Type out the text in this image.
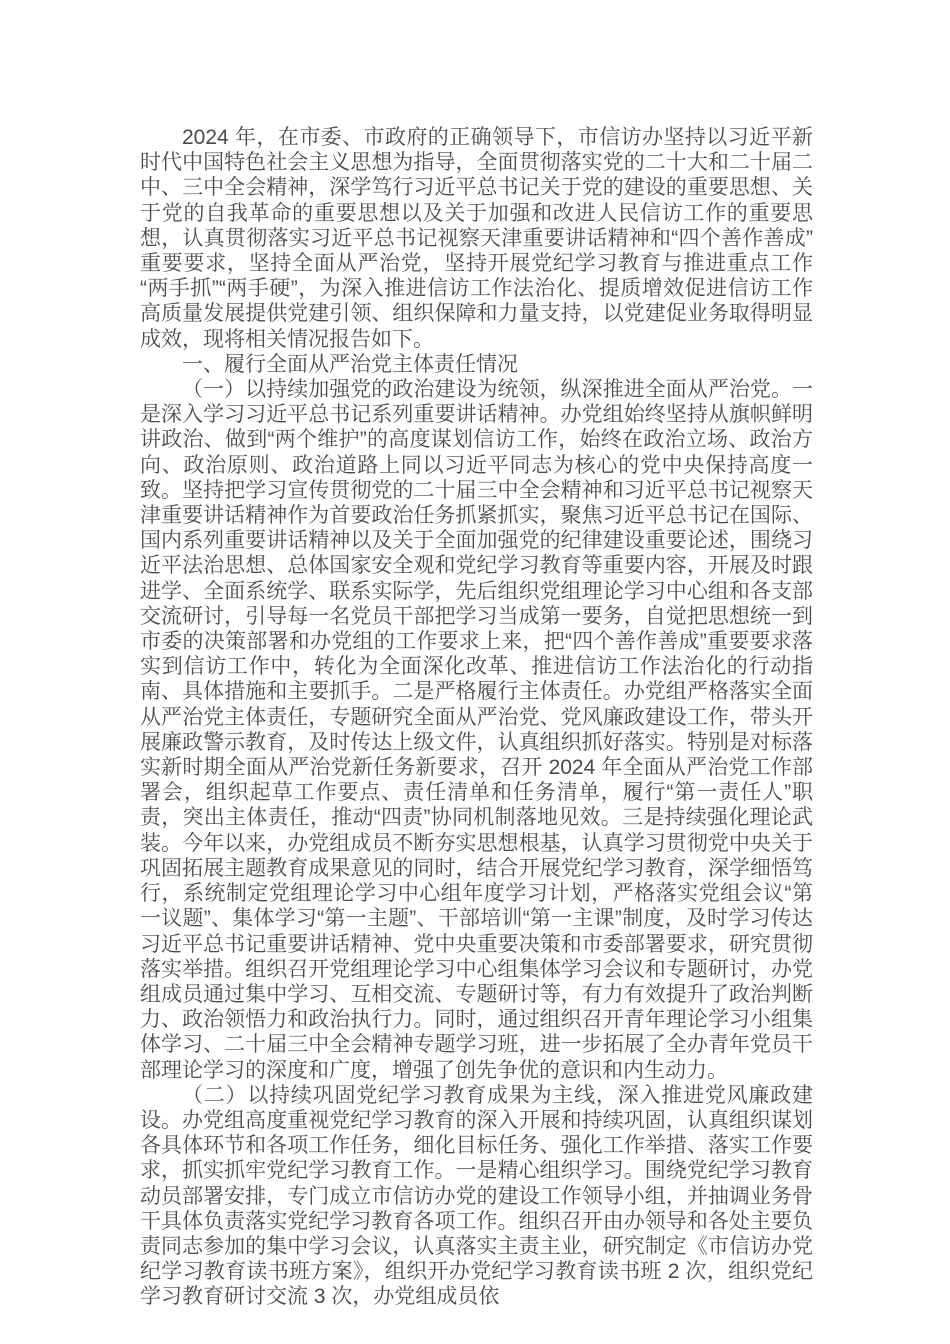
2024 年，在市委、市政府的正确领导下，市信访办坚持以习近平新时代中国特色社会主义思想为指导，全面贯彻落实党的二十大和二十届二中、三中全会精神，深学笃行习近平总书记关于党的建设的重要思想、关于党的自我革命的重要思想以及关于加强和改进人民信访工作的重要思想，认真贯彻落实习近平总书记视察天津重要讲话精神和“四个善作善成”重要要求，坚持全面从严治党，坚持开展党纪学习教育与推进重点工作“两手抓”“两手硬”，为深入推进信访工作法治化、提质增效促进信访工作高质量发展提供党建引领、组织保障和力量支持，以党建促业务取得明显成效，现将相关情况报告如下。

一、履行全面从严治党主体责任情况

（一）以持续加强党的政治建设为统领，纵深推进全面从严治党。一是深入学习习近平总书记系列重要讲话精神。办党组始终坚持从旗帜鲜明讲政治、做到“两个维护”的高度谋划信访工作，始终在政治立场、政治方向、政治原则、政治道路上同以习近平同志为核心的党中央保持高度一致。坚持把学习宣传贯彻党的二十届三中全会精神和习近平总书记视察天津重要讲话精神作为首要政治任务抓紧抓实，聚焦习近平总书记在国际、国内系列重要讲话精神以及关于全面加强党的纪律建设重要论述，围绕习近平法治思想、总体国家安全观和党纪学习教育等重要内容，开展及时跟进学、全面系统学、联系实际学，先后组织党组理论学习中心组和各支部交流研讨，引导每一名党员干部把学习当成第一要务，自觉把思想统一到市委的决策部署和办党组的工作要求上来，把“四个善作善成”重要要求落实到信访工作中，转化为全面深化改革、推进信访工作法治化的行动指南、具体措施和主要抓手。二是严格履行主体责任。办党组严格落实全面从严治党主体责任，专题研究全面从严治党、党风廉政建设工作，带头开展廉政警示教育，及时传达上级文件，认真组织抓好落实。特别是对标落实新时期全面从严治党新任务新要求，召开 2024 年全面从严治党工作部署会，组织起草工作要点、责任清单和任务清单，履行“第一责任人”职责，突出主体责任，推动“四责”协同机制落地见效。三是持续强化理论武装。今年以来，办党组成员不断夯实思想根基，认真学习贯彻党中央关于巩固拓展主题教育成果意见的同时，结合开展党纪学习教育，深学细悟笃行，系统制定党组理论学习中心组年度学习计划，严格落实党组会议“第一议题”、集体学习“第一主题”、干部培训“第一主课”制度，及时学习传达习近平总书记重要讲话精神、党中央重要决策和市委部署要求，研究贯彻落实举措。组织召开党组理论学习中心组集体学习会议和专题研讨，办党组成员通过集中学习、互相交流、专题研讨等，有力有效提升了政治判断力、政治领悟力和政治执行力。同时，通过组织召开青年理论学习小组集体学习、二十届三中全会精神专题学习班，进一步拓展了全办青年党员干部理论学习的深度和广度，增强了创先争优的意识和内生动力。

（二）以持续巩固党纪学习教育成果为主线，深入推进党风廉政建设。办党组高度重视党纪学习教育的深入开展和持续巩固，认真组织谋划各具体环节和各项工作任务，细化目标任务、强化工作举措、落实工作要求，抓实抓牢党纪学习教育工作。一是精心组织学习。围绕党纪学习教育动员部署安排，专门成立市信访办党的建设工作领导小组，并抽调业务骨干具体负责落实党纪学习教育各项工作。组织召开由办领导和各处主要负责同志参加的集中学习会议，认真落实主责主业，研究制定《市信访办党纪学习教育读书班方案》，组织开办党纪学习教育读书班 2 次，组织党纪学习教育研讨交流 3 次，办党组成员依
